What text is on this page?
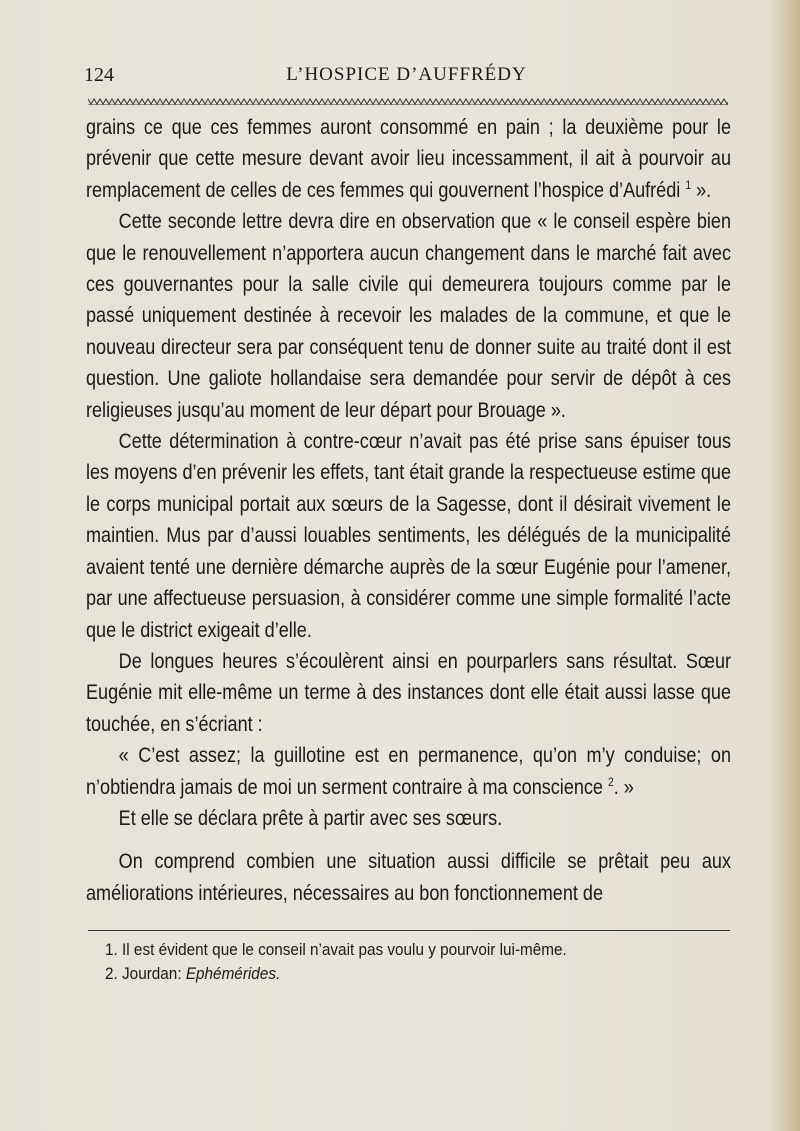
124	L’HOSPICE D’AUFFRÉDY

grains ce que ces femmes auront consommé en pain ; la deuxième pour le prévenir que cette mesure devant avoir lieu incessamment, il ait à pourvoir au remplacement de celles de ces femmes qui gouvernent l’hospice d’Aufrédi $^1$ ».

Cette seconde lettre devra dire en observation que « le conseil espère bien que le renouvellement n’apportera aucun changement dans le marché fait avec ces gouvernantes pour la salle civile qui demeurera toujours comme par le passé uniquement destinée à recevoir les malades de la commune, et que le nouveau directeur sera par conséquent tenu de donner suite au traité dont il est question. Une galiote hollandaise sera demandée pour servir de dépôt à ces religieuses jusqu’au moment de leur départ pour Brouage ».

Cette détermination à contre-cœur n’avait pas été prise sans épuiser tous les moyens d’en prévenir les effets, tant était grande la respectueuse estime que le corps municipal portait aux sœurs de la Sagesse, dont il désirait vivement le maintien. Mus par d’aussi louables sentiments, les délégués de la municipalité avaient tenté une dernière démarche auprès de la sœur Eugénie pour l’amener, par une affectueuse persuasion, à considérer comme une simple formalité l’acte que le district exigeait d’elle.

De longues heures s’écoulèrent ainsi en pourparlers sans résultat. Sœur Eugénie mit elle-même un terme à des instances dont elle était aussi lasse que touchée, en s’écriant :

« C’est assez; la guillotine est en permanence, qu’on m’y conduise; on n’obtiendra jamais de moi un serment contraire à ma conscience $^2$. »

Et elle se déclara prête à partir avec ses sœurs.

On comprend combien une situation aussi difficile se prêtait peu aux améliorations intérieures, nécessaires au bon fonctionnement de

1. Il est évident que le conseil n’avait pas voulu y pourvoir lui-même.
2. Jourdan: Ephémérides.
